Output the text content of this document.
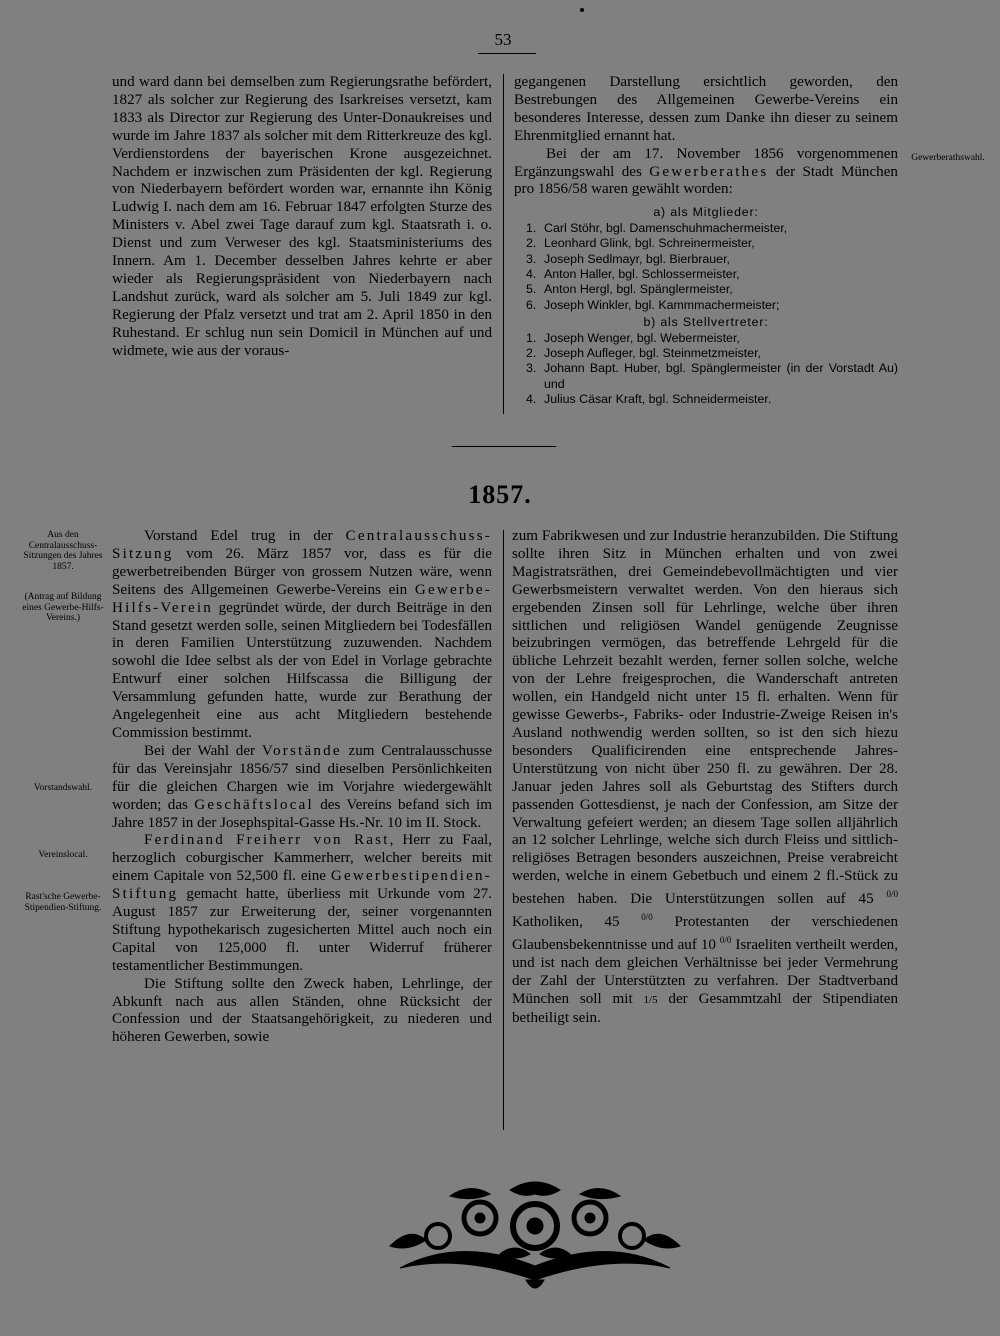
53

und ward dann bei demselben zum Regierungsrathe befördert, 1827 als solcher zur Regierung des Isarkreises versetzt, kam 1833 als Director zur Regierung des Unter-Donaukreises und wurde im Jahre 1837 als solcher mit dem Ritterkreuze des kgl. Verdienstordens der bayerischen Krone ausgezeichnet. Nachdem er inzwischen zum Präsidenten der kgl. Regierung von Niederbayern befördert worden war, ernannte ihn König Ludwig I. nach dem am 16. Februar 1847 erfolgten Sturze des Ministers v. Abel zwei Tage darauf zum kgl. Staatsrath i. o. Dienst und zum Verweser des kgl. Staatsministeriums des Innern. Am 1. December desselben Jahres kehrte er aber wieder als Regierungspräsident von Niederbayern nach Landshut zurück, ward als solcher am 5. Juli 1849 zur kgl. Regierung der Pfalz versetzt und trat am 2. April 1850 in den Ruhestand. Er schlug nun sein Domicil in München auf und widmete, wie aus der voraus-

gegangenen Darstellung ersichtlich geworden, den Bestrebungen des Allgemeinen Gewerbe-Vereins ein besonderes Interesse, dessen zum Danke ihn dieser zu seinem Ehrenmitglied ernannt hat.

Bei der am 17. November 1856 vorgenommenen Ergänzungswahl des Gewerberathes der Stadt München pro 1856/58 waren gewählt worden:

a) als Mitglieder:
1. Carl Stöhr, bgl. Damenschuhmachermeister,
2. Leonhard Glink, bgl. Schreinermeister,
3. Joseph Sedlmayr, bgl. Bierbrauer,
4. Anton Haller, bgl. Schlossermeister,
5. Anton Hergl, bgl. Spänglermeister,
6. Joseph Winkler, bgl. Kammmachermeister;
b) als Stellvertreter:
1. Joseph Wenger, bgl. Webermeister,
2. Joseph Aufleger, bgl. Steinmetzmeister,
3. Johann Bapt. Huber, bgl. Spänglermeister (in der Vorstadt Au) und
4. Julius Cäsar Kraft, bgl. Schneidermeister.
Gewerberathswahl.
1857.
Aus den Centralausschuss-Sitzungen des Jahres 1857.
(Antrag auf Bildung eines Gewerbe-Hilfs-Vereins.)
Vorstandswahl.
Vereinslocal.
Rast'sche Gewerbe-Stipendien-Stiftung.

Vorstand Edel trug in der Centralausschuss-Sitzung vom 26. März 1857 vor, dass es für die gewerbetreibenden Bürger von grossem Nutzen wäre, wenn Seitens des Allgemeinen Gewerbe-Vereins ein Gewerbe-Hilfs-Verein gegründet würde, der durch Beiträge in den Stand gesetzt werden solle, seinen Mitgliedern bei Todesfällen in deren Familien Unterstützung zuzuwenden. Nachdem sowohl die Idee selbst als der von Edel in Vorlage gebrachte Entwurf einer solchen Hilfscassa die Billigung der Versammlung gefunden hatte, wurde zur Berathung der Angelegenheit eine aus acht Mitgliedern bestehende Commission bestimmt.

Bei der Wahl der Vorstände zum Centralausschusse für das Vereinsjahr 1856/57 sind dieselben Persönlichkeiten für die gleichen Chargen wie im Vorjahre wiedergewählt worden; das Geschäftslocal des Vereins befand sich im Jahre 1857 in der Josephspital-Gasse Hs.-Nr. 10 im II. Stock.

Ferdinand Freiherr von Rast, Herr zu Faal, herzoglich coburgischer Kammerherr, welcher bereits mit einem Capitale von 52,500 fl. eine Gewerbestipendien-Stiftung gemacht hatte, überliess mit Urkunde vom 27. August 1857 zur Erweiterung der, seiner vorgenannten Stiftung hypothekarisch zugesicherten Mittel auch noch ein Capital von 125,000 fl. unter Widerruf früherer testamentlicher Bestimmungen.

Die Stiftung sollte den Zweck haben, Lehrlinge, der Abkunft nach aus allen Ständen, ohne Rücksicht der Confession und der Staatsangehörigkeit, zu niederen und höheren Gewerben, sowie

zum Fabrikwesen und zur Industrie heranzubilden. Die Stiftung sollte ihren Sitz in München erhalten und von zwei Magistratsräthen, drei Gemeindebevollmächtigten und vier Gewerbsmeistern verwaltet werden. Von den hieraus sich ergebenden Zinsen soll für Lehrlinge, welche über ihren sittlichen und religiösen Wandel genügende Zeugnisse beizubringen vermögen, das betreffende Lehrgeld für die übliche Lehrzeit bezahlt werden, ferner sollen solche, welche von der Lehre freigesprochen, die Wanderschaft antreten wollen, ein Handgeld nicht unter 15 fl. erhalten. Wenn für gewisse Gewerbs-, Fabriks- oder Industrie-Zweige Reisen in's Ausland nothwendig werden sollten, so ist den sich hiezu besonders Qualificirenden eine entsprechende Jahres-Unterstützung von nicht über 250 fl. zu gewähren. Der 28. Januar jeden Jahres soll als Geburtstag des Stifters durch passenden Gottesdienst, je nach der Confession, am Sitze der Verwaltung gefeiert werden; an diesem Tage sollen alljährlich an 12 solcher Lehrlinge, welche sich durch Fleiss und sittlich-religiöses Betragen besonders auszeichnen, Preise verabreicht werden, welche in einem Gebetbuch und einem 2 fl.-Stück zu bestehen haben. Die Unterstützungen sollen auf 45 $^{0/0}$ Katholiken, 45 $^{0/0}$ Protestanten der verschiedenen Glaubensbekenntnisse und auf 10 $^{0/0}$ Israeliten vertheilt werden, und ist nach dem gleichen Verhältnisse bei jeder Vermehrung der Zahl der Unterstützten zu verfahren. Der Stadtverband München soll mit 1/5 der Gesammtzahl der Stipendiaten betheiligt sein.
